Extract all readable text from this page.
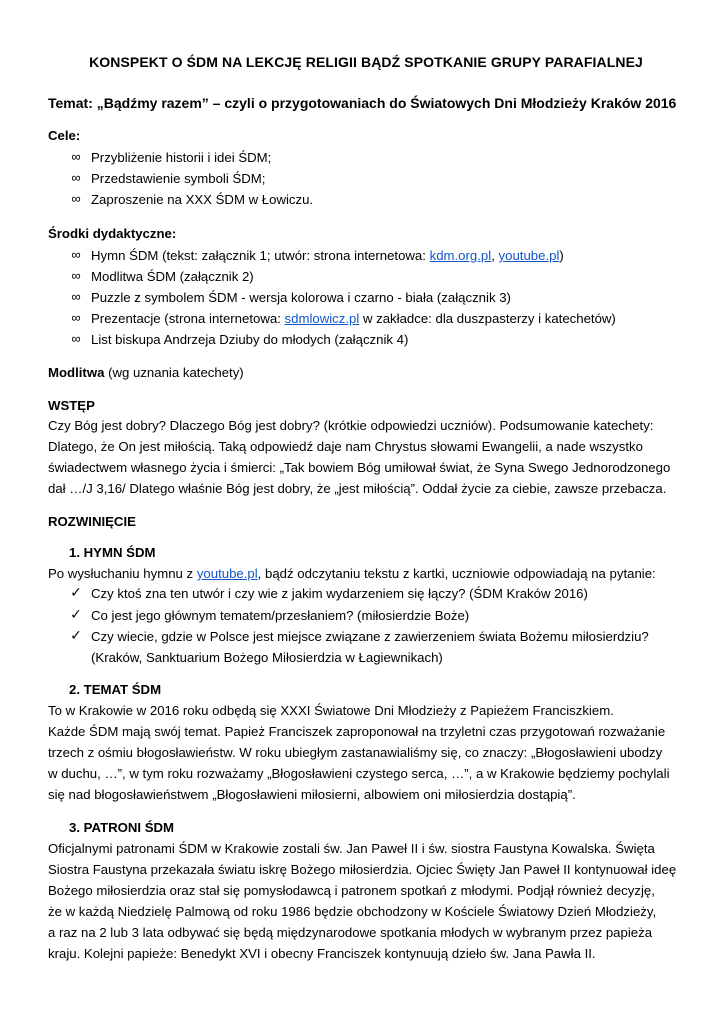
KONSPEKT O ŚDM NA LEKCJĘ RELIGII BĄDŹ SPOTKANIE GRUPY PARAFIALNEJ
Temat: „Bądźmy razem” – czyli o przygotowaniach do Światowych Dni Młodzieży Kraków 2016
Cele:
∞ Przybliżenie historii i idei ŚDM;
∞ Przedstawienie symboli ŚDM;
∞ Zaproszenie na XXX ŚDM w Łowiczu.
Środki dydaktyczne:
∞ Hymn ŚDM (tekst: załącznik 1; utwór: strona internetowa: kdm.org.pl, youtube.pl)
∞ Modlitwa ŚDM (załącznik 2)
∞ Puzzle z symbolem ŚDM - wersja kolorowa i czarno - biała (załącznik 3)
∞ Prezentacje (strona internetowa: sdmlowicz.pl w zakładce: dla duszpasterzy i katechetów)
∞ List biskupa Andrzeja Dziuby do młodych (załącznik 4)
Modlitwa (wg uznania katechety)
WSTĘP
Czy Bóg jest dobry? Dlaczego Bóg jest dobry? (krótkie odpowiedzi uczniów). Podsumowanie katechety:
Dlatego, że On jest miłością. Taką odpowiedź daje nam Chrystus słowami Ewangelii, a nade wszystko
świadectwem własnego życia i śmierci: „Tak bowiem Bóg umiłował świat, że Syna Swego Jednorodzonego
dał …/J 3,16/ Dlatego właśnie Bóg jest dobry, że „jest miłością”. Oddał życie za ciebie, zawsze przebacza.
ROZWINIĘCIE
1. HYMN ŚDM
Po wysłuchaniu hymnu z youtube.pl, bądź odczytaniu tekstu z kartki, uczniowie odpowiadają na pytanie:
✓ Czy ktoś zna ten utwór i czy wie z jakim wydarzeniem się łączy? (ŚDM Kraków 2016)
✓ Co jest jego głównym tematem/przesłaniem? (miłosierdzie Boże)
✓ Czy wiecie, gdzie w Polsce jest miejsce związane z zawierzeniem świata Bożemu miłosierdziu?
(Kraków, Sanktuarium Bożego Miłosierdzia w Łagiewnikach)
2. TEMAT ŚDM
To w Krakowie w 2016 roku odbędą się XXXI Światowe Dni Młodzieży z Papieżem Franciszkiem.
Każde ŚDM mają swój temat. Papież Franciszek zaproponował na trzyletni czas przygotowań rozważanie
trzech z ośmiu błogosławieństw. W roku ubiegłym zastanawialiśmy się, co znaczy: „Błogosławieni ubodzy
w duchu, …”, w tym roku rozważamy „Błogosławieni czystego serca, …”, a w Krakowie będziemy pochylali
się nad błogosławieństwem „Błogosławieni miłosierni, albowiem oni miłosierdzia dostąpią”.
3. PATRONI ŚDM
Oficjalnymi patronami ŚDM w Krakowie zostali św. Jan Paweł II i św. siostra Faustyna Kowalska. Święta
Siostra Faustyna przekazała światu iskrę Bożego miłosierdzia. Ojciec Święty Jan Paweł II kontynuował ideę
Bożego miłosierdzia oraz stał się pomysłodawcą i patronem spotkań z młodymi. Podjął również decyzję,
że w każdą Niedzielę Palmową od roku 1986 będzie obchodzony w Kościele Światowy Dzień Młodzieży,
a raz na 2 lub 3 lata odbywać się będą międzynarodowe spotkania młodych w wybranym przez papieża
kraju. Kolejni papieże: Benedykt XVI i obecny Franciszek kontynuują dzieło św. Jana Pawła II.
